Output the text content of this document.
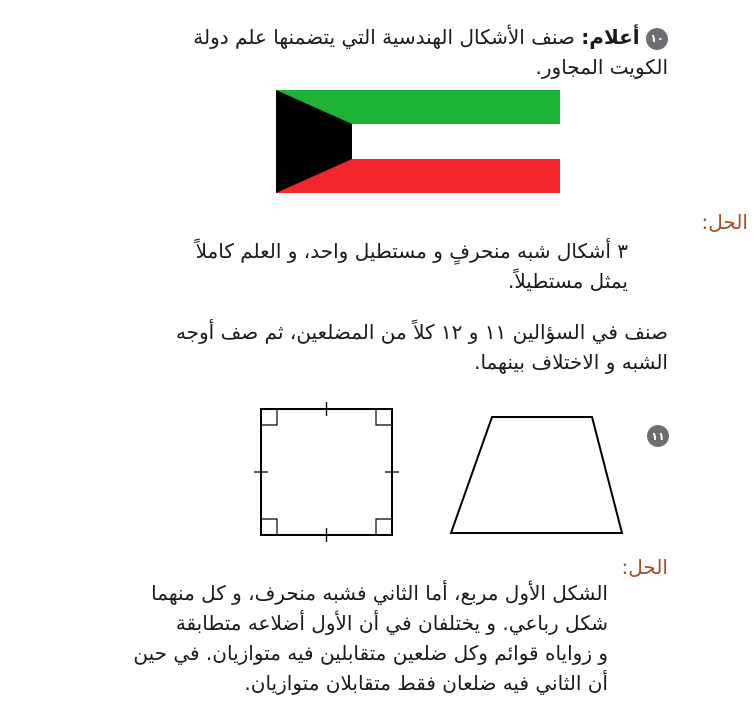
١٠ أعلام: صنف الأشكال الهندسية التي يتضمنها علم دولة
الكويت المجاور.
الحل:
٣ أشكال شبه منحرفٍ و مستطيل واحد، و العلم كاملاً
يمثل مستطيلاً.
صنف في السؤالين ١١ و ١٢ كلاً من المضلعين، ثم صف أوجه
الشبه و الاختلاف بينهما.
١١
الحل:
الشكل الأول مربع، أما الثاني فشبه منحرف، و كل منهما
شكل رباعي. و يختلفان في أن الأول أضلاعه متطابقة
و زواياه قوائم وكل ضلعين متقابلين فيه متوازيان. في حين
أن الثاني فيه ضلعان فقط متقابلان متوازيان.
